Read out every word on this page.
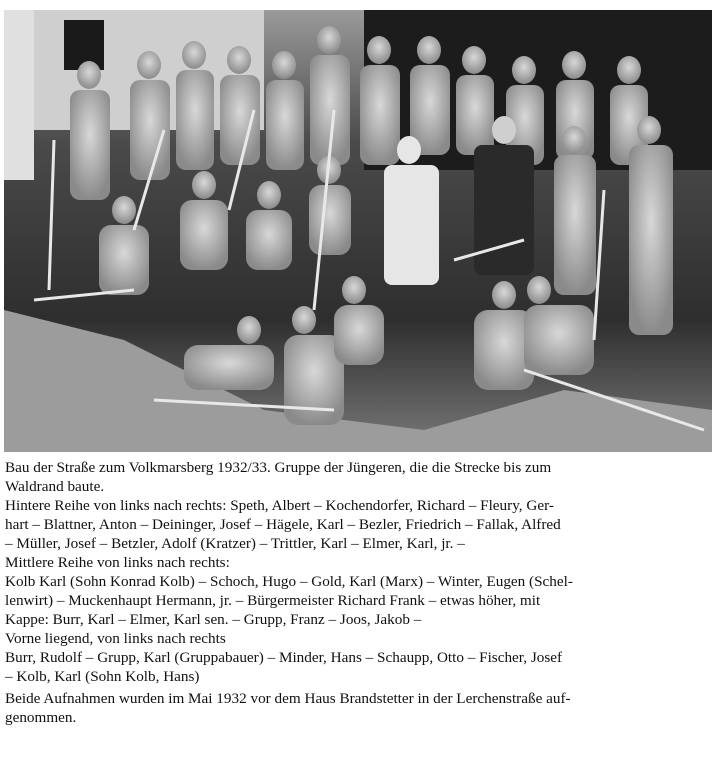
Bau der Straße zum Volkmarsberg 1932/33. Gruppe der Jüngeren, die die Strecke bis zum

Waldrand baute.

Hintere Reihe von links nach rechts: Speth, Albert – Kochendorfer, Richard – Fleury, Ger-

hart – Blattner, Anton – Deininger, Josef – Hägele, Karl – Bezler, Friedrich – Fallak, Alfred

– Müller, Josef – Betzler, Adolf (Kratzer) – Trittler, Karl – Elmer, Karl, jr. –

Mittlere Reihe von links nach rechts:

Kolb Karl (Sohn Konrad Kolb) – Schoch, Hugo – Gold, Karl (Marx) – Winter, Eugen (Schel-

lenwirt) – Muckenhaupt Hermann, jr. – Bürgermeister Richard Frank – etwas höher, mit

Kappe: Burr, Karl – Elmer, Karl sen. – Grupp, Franz – Joos, Jakob –

Vorne liegend, von links nach rechts

Burr, Rudolf – Grupp, Karl (Gruppabauer) – Minder, Hans – Schaupp, Otto – Fischer, Josef

– Kolb, Karl (Sohn Kolb, Hans)

Beide Aufnahmen wurden im Mai 1932 vor dem Haus Brandstetter in der Lerchenstraße auf-

genommen.
